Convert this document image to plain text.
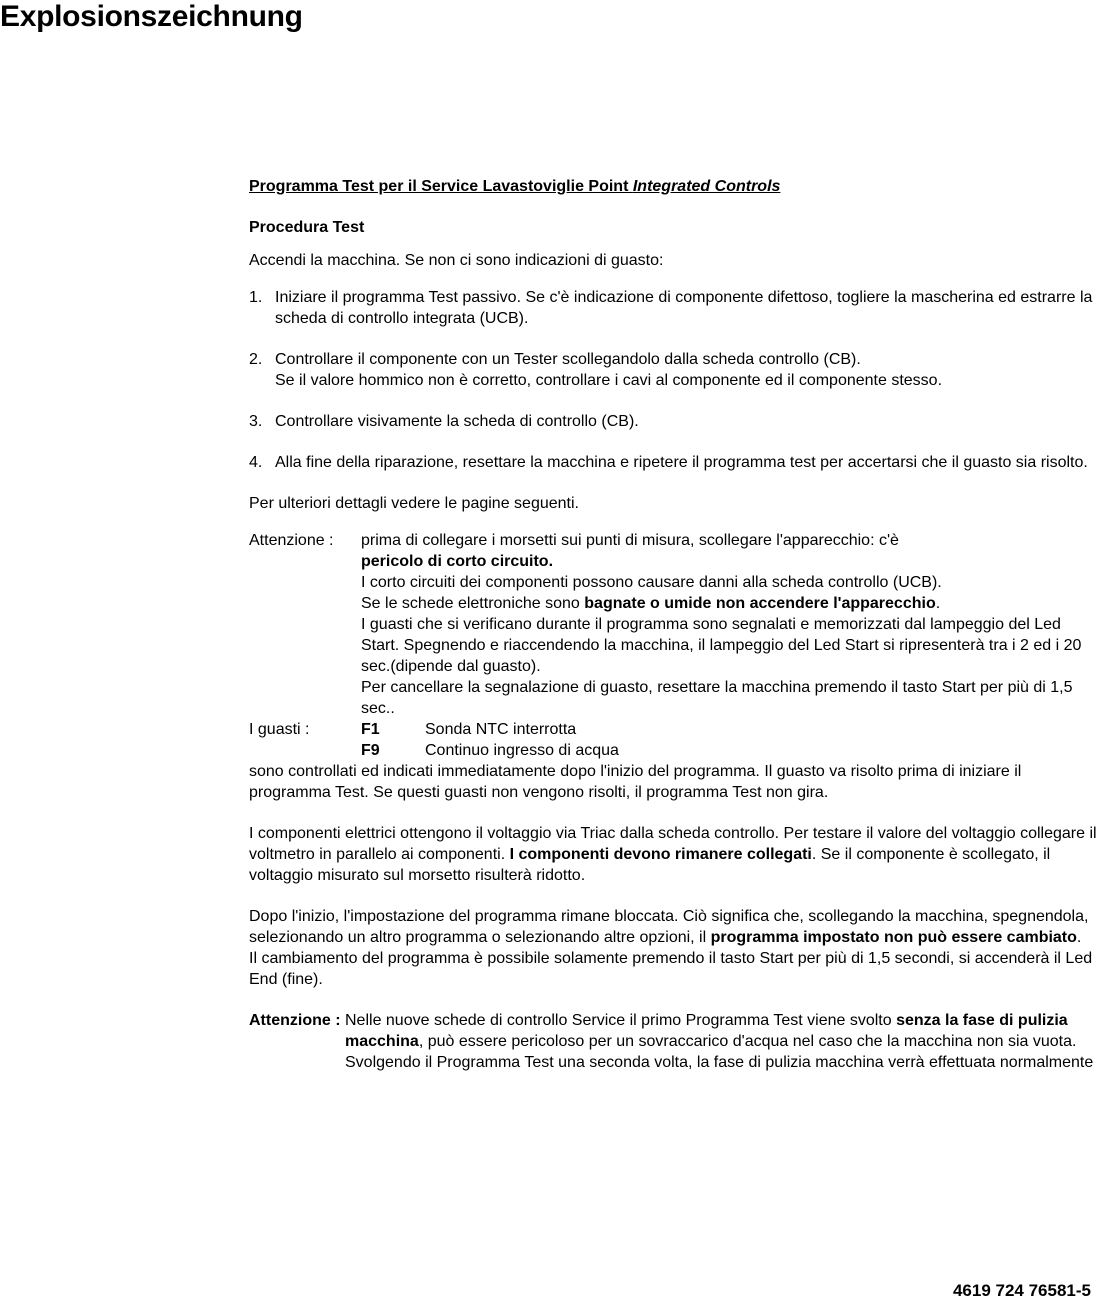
Explosionszeichnung
Programma Test per il Service Lavastoviglie Point Integrated Controls
Procedura Test
Accendi la macchina. Se non ci sono indicazioni di guasto:
1. Iniziare il programma Test passivo. Se c'è indicazione di componente difettoso, togliere la mascherina ed estrarre la scheda di controllo integrata (UCB).
2. Controllare il componente con un Tester scollegandolo dalla scheda controllo (CB).
Se il valore hommico non è corretto, controllare i cavi al componente ed il componente stesso.
3. Controllare visivamente la scheda di controllo (CB).
4. Alla fine della riparazione, resettare la macchina e ripetere il programma test per accertarsi che il guasto sia risolto.
Per ulteriori dettagli vedere le pagine seguenti.
Attenzione :	prima di collegare i morsetti sui punti di misura, scollegare l'apparecchio: c'è
pericolo di corto circuito.
I corto circuiti dei componenti possono causare danni alla scheda controllo (UCB).
Se le schede elettroniche sono bagnate o umide non accendere l'apparecchio.
I guasti che si verificano durante il programma sono segnalati e memorizzati dal lampeggio del Led Start. Spegnendo e riaccendendo la macchina, il lampeggio del Led Start si ripresenterà tra i 2 ed i 20 sec.(dipende dal guasto).
Per cancellare la segnalazione di guasto, resettare la macchina premendo il tasto Start per più di 1,5 sec..
I guasti :	F1	Sonda NTC interrotta
F9	Continuo ingresso di acqua
sono controllati ed indicati immediatamente dopo l'inizio del programma. Il guasto va risolto prima di iniziare il programma Test. Se questi guasti non vengono risolti, il programma Test non gira.
I componenti elettrici ottengono il voltaggio via Triac dalla scheda controllo. Per testare il valore del voltaggio collegare il voltmetro in parallelo ai componenti. I componenti devono rimanere collegati. Se il componente è scollegato, il voltaggio misurato sul morsetto risulterà ridotto.
Dopo l'inizio, l'impostazione del programma rimane bloccata. Ciò significa che, scollegando la macchina, spegnendola, selezionando un altro programma o selezionando altre opzioni, il programma impostato non può essere cambiato.
Il cambiamento del programma è possibile solamente premendo il tasto Start per più di 1,5 secondi, si accenderà il Led End (fine).
Attenzione : Nelle nuove schede di controllo Service il primo Programma Test viene svolto senza la fase di pulizia macchina, può essere pericoloso per un sovraccarico d'acqua nel caso che la macchina non sia vuota. Svolgendo il Programma Test una seconda volta, la fase di pulizia macchina verrà effettuata normalmente
4619 724 76581-5
